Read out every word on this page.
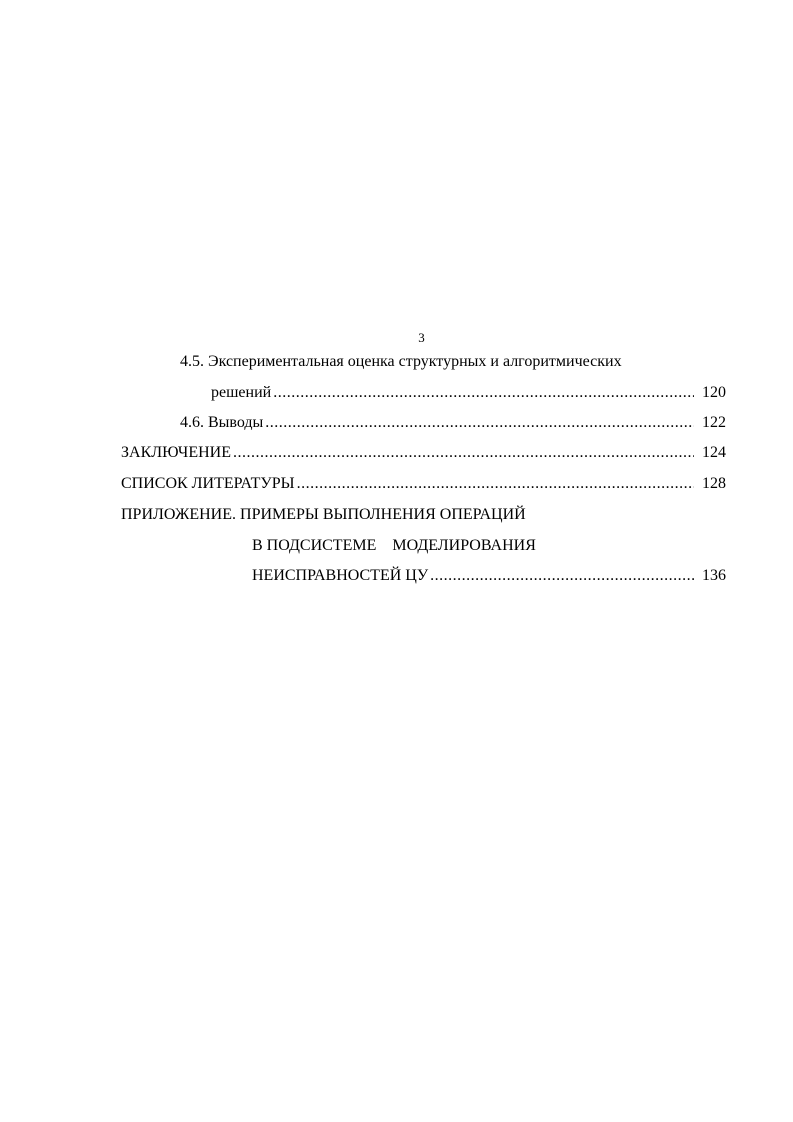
3
4.5. Экспериментальная оценка структурных и алгоритмических
решений .....	120
4.6. Выводы .....	122
ЗАКЛЮЧЕНИЕ .....	124
СПИСОК ЛИТЕРАТУРЫ .....	128
ПРИЛОЖЕНИЕ. ПРИМЕРЫ ВЫПОЛНЕНИЯ ОПЕРАЦИЙ
В ПОДСИСТЕМЕ    МОДЕЛИРОВАНИЯ
НЕИСПРАВНОСТЕЙ ЦУ .....	136
